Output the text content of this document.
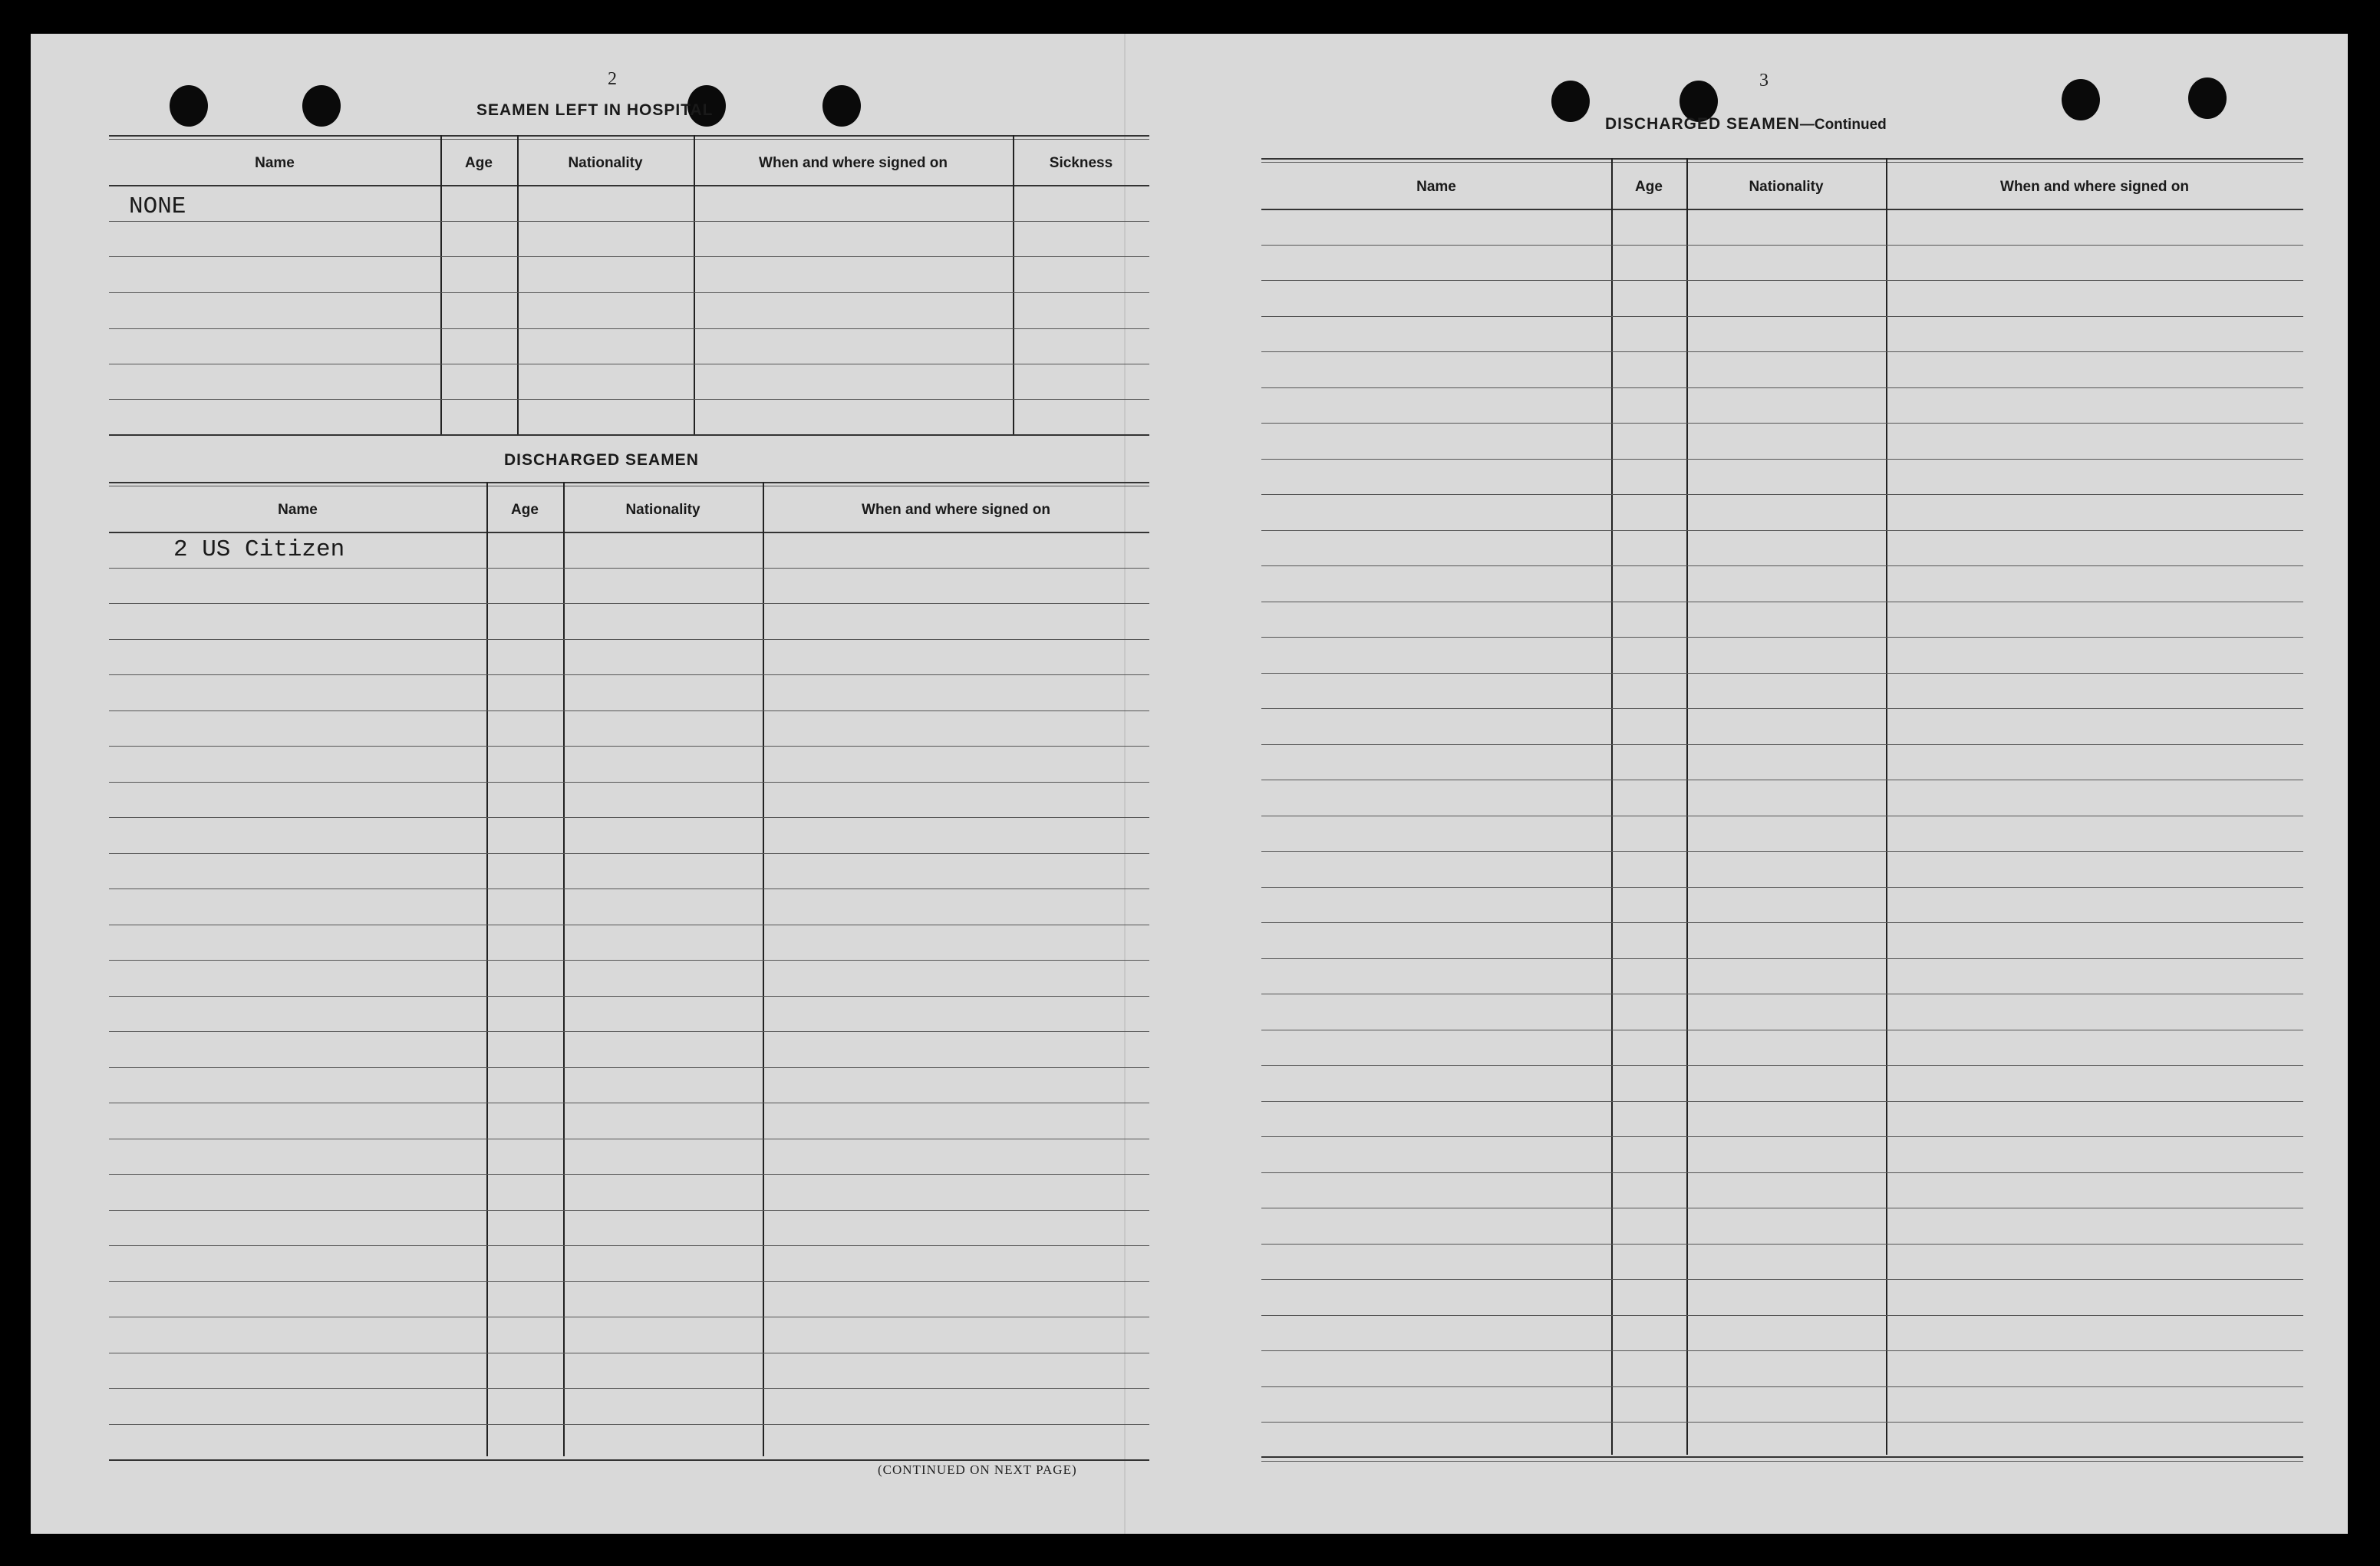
2
SEAMEN LEFT IN HOSPITAL
Name	Age	Nationality	When and where signed on	Sickness
NONE
DISCHARGED SEAMEN
Name	Age	Nationality	When and where signed on
2 US Citizen
(CONTINUED ON NEXT PAGE)
3
DISCHARGED SEAMEN—Continued
Name	Age	Nationality	When and where signed on
